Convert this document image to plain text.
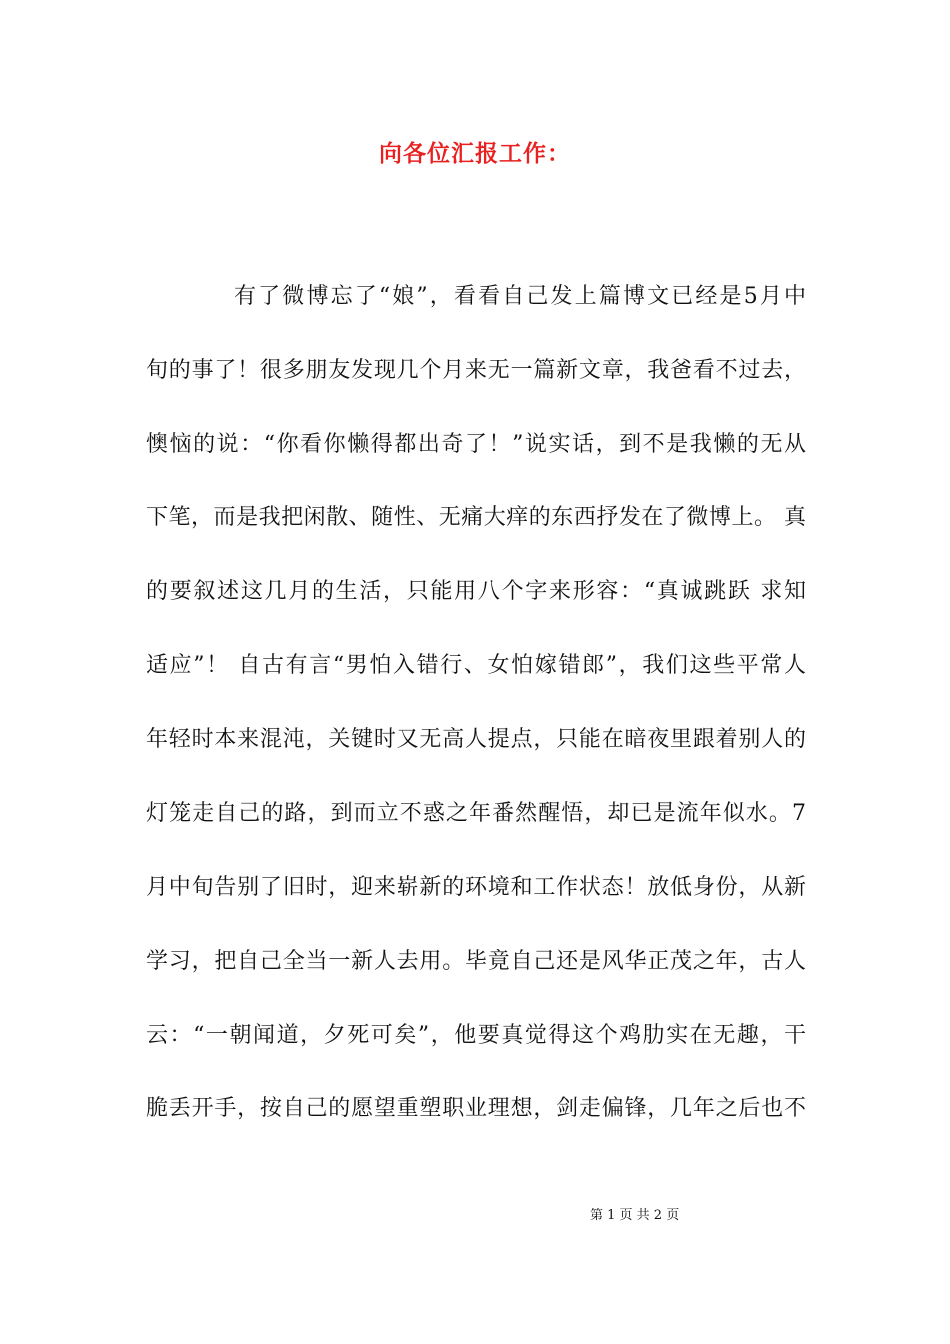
向各位汇报工作：
有了微博忘了“娘”，看看自己发上篇博文已经是5月中
旬的事了！很多朋友发现几个月来无一篇新文章，我爸看不过去，
懊恼的说：“你看你懒得都出奇了！”说实话，到不是我懒的无从
下笔，而是我把闲散、随性、无痛大痒的东西抒发在了微博上。 真
的要叙述这几月的生活，只能用八个字来形容：“真诚跳跃 求知
适应”！ 自古有言“男怕入错行、女怕嫁错郎”，我们这些平常人
年轻时本来混沌，关键时又无高人提点，只能在暗夜里跟着别人的
灯笼走自己的路，到而立不惑之年番然醒悟，却已是流年似水。7
月中旬告别了旧时，迎来崭新的环境和工作状态！放低身份，从新
学习，把自己全当一新人去用。毕竟自己还是风华正茂之年，古人
云：“一朝闻道，夕死可矣”，他要真觉得这个鸡肋实在无趣，干
脆丢开手，按自己的愿望重塑职业理想，剑走偏锋，几年之后也不
第 1 页 共 2 页
